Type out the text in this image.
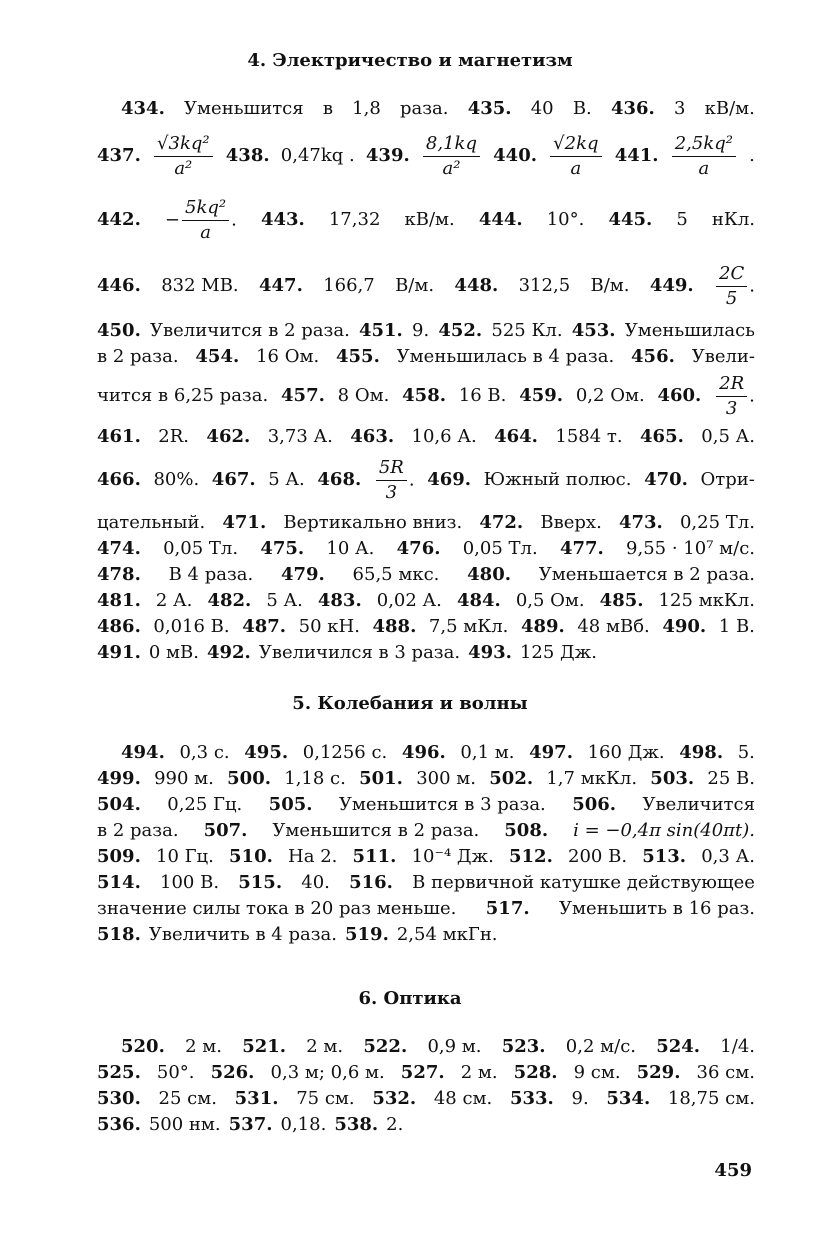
4. Электричество и магнетизм
434. Уменьшится в 1,8 раза. 435. 40 В. 436. 3 кВ/м.
437. $\frac{\text{√3kq²}}{\text{a²}} 438$. 0,47kq . 439. $\frac{8,1kq}{\text{a²}} 440$. $\frac{√2kq}{a} 441$. $\frac{\text{2,5kq²}}{a}$ .
442. − $\frac{\text{5kq²}}{a}$ . 443. 17,32 кВ/м. 444. 10°. 445. 5 нКл.
446. 832 МВ. 447. 166,7 В/м. 448. 312,5 В/м. 449. $\frac{2C}{5}$ .
450. Увеличится в 2 раза. 451. 9. 452. 525 Кл. 453. Уменьшилась
в 2 раза. 454. 16 Ом. 455. Уменьшилась в 4 раза. 456. Увели-
чится в 6,25 раза. 457. 8 Ом. 458. 16 В. 459. 0,2 Ом. 460. $\frac{2R}{3}$ .
461. 2R. 462. 3,73 А. 463. 10,6 А. 464. 1584 т. 465. 0,5 А.
466. 80%. 467. 5 А. 468. $\frac{5R}{3}$ . 469. Южный полюс. 470. Отри-
цательный. 471. Вертикально вниз. 472. Вверх. 473. 0,25 Тл.
474. 0,05 Тл. 475. 10 А. 476. 0,05 Тл. 477. 9,55 · 10⁷ м/с.
478. В 4 раза. 479. 65,5 мкс. 480. Уменьшается в 2 раза.
481. 2 А. 482. 5 А. 483. 0,02 А. 484. 0,5 Ом. 485. 125 мкКл.
486. 0,016 В. 487. 50 кН. 488. 7,5 мКл. 489. 48 мВб. 490. 1 В.
491. 0 мВ. 492. Увеличился в 3 раза. 493. 125 Дж.
5. Колебания и волны
494. 0,3 с. 495. 0,1256 с. 496. 0,1 м. 497. 160 Дж. 498. 5.
499. 990 м. 500. 1,18 с. 501. 300 м. 502. 1,7 мкКл. 503. 25 В.
504. 0,25 Гц. 505. Уменьшится в 3 раза. 506. Увеличится
в 2 раза. 507. Уменьшится в 2 раза. 508. i = −0,4π sin(40πt).
509. 10 Гц. 510. На 2. 511. 10⁻⁴ Дж. 512. 200 В. 513. 0,3 А.
514. 100 В. 515. 40. 516. В первичной катушке действующее
значение силы тока в 20 раз меньше. 517. Уменьшить в 16 раз.
518. Увеличить в 4 раза. 519. 2,54 мкГн.
6. Оптика
520. 2 м. 521. 2 м. 522. 0,9 м. 523. 0,2 м/с. 524. 1/4.
525. 50°. 526. 0,3 м; 0,6 м. 527. 2 м. 528. 9 см. 529. 36 см.
530. 25 см. 531. 75 см. 532. 48 см. 533. 9. 534. 18,75 см.
536. 500 нм. 537. 0,18. 538. 2.
459
